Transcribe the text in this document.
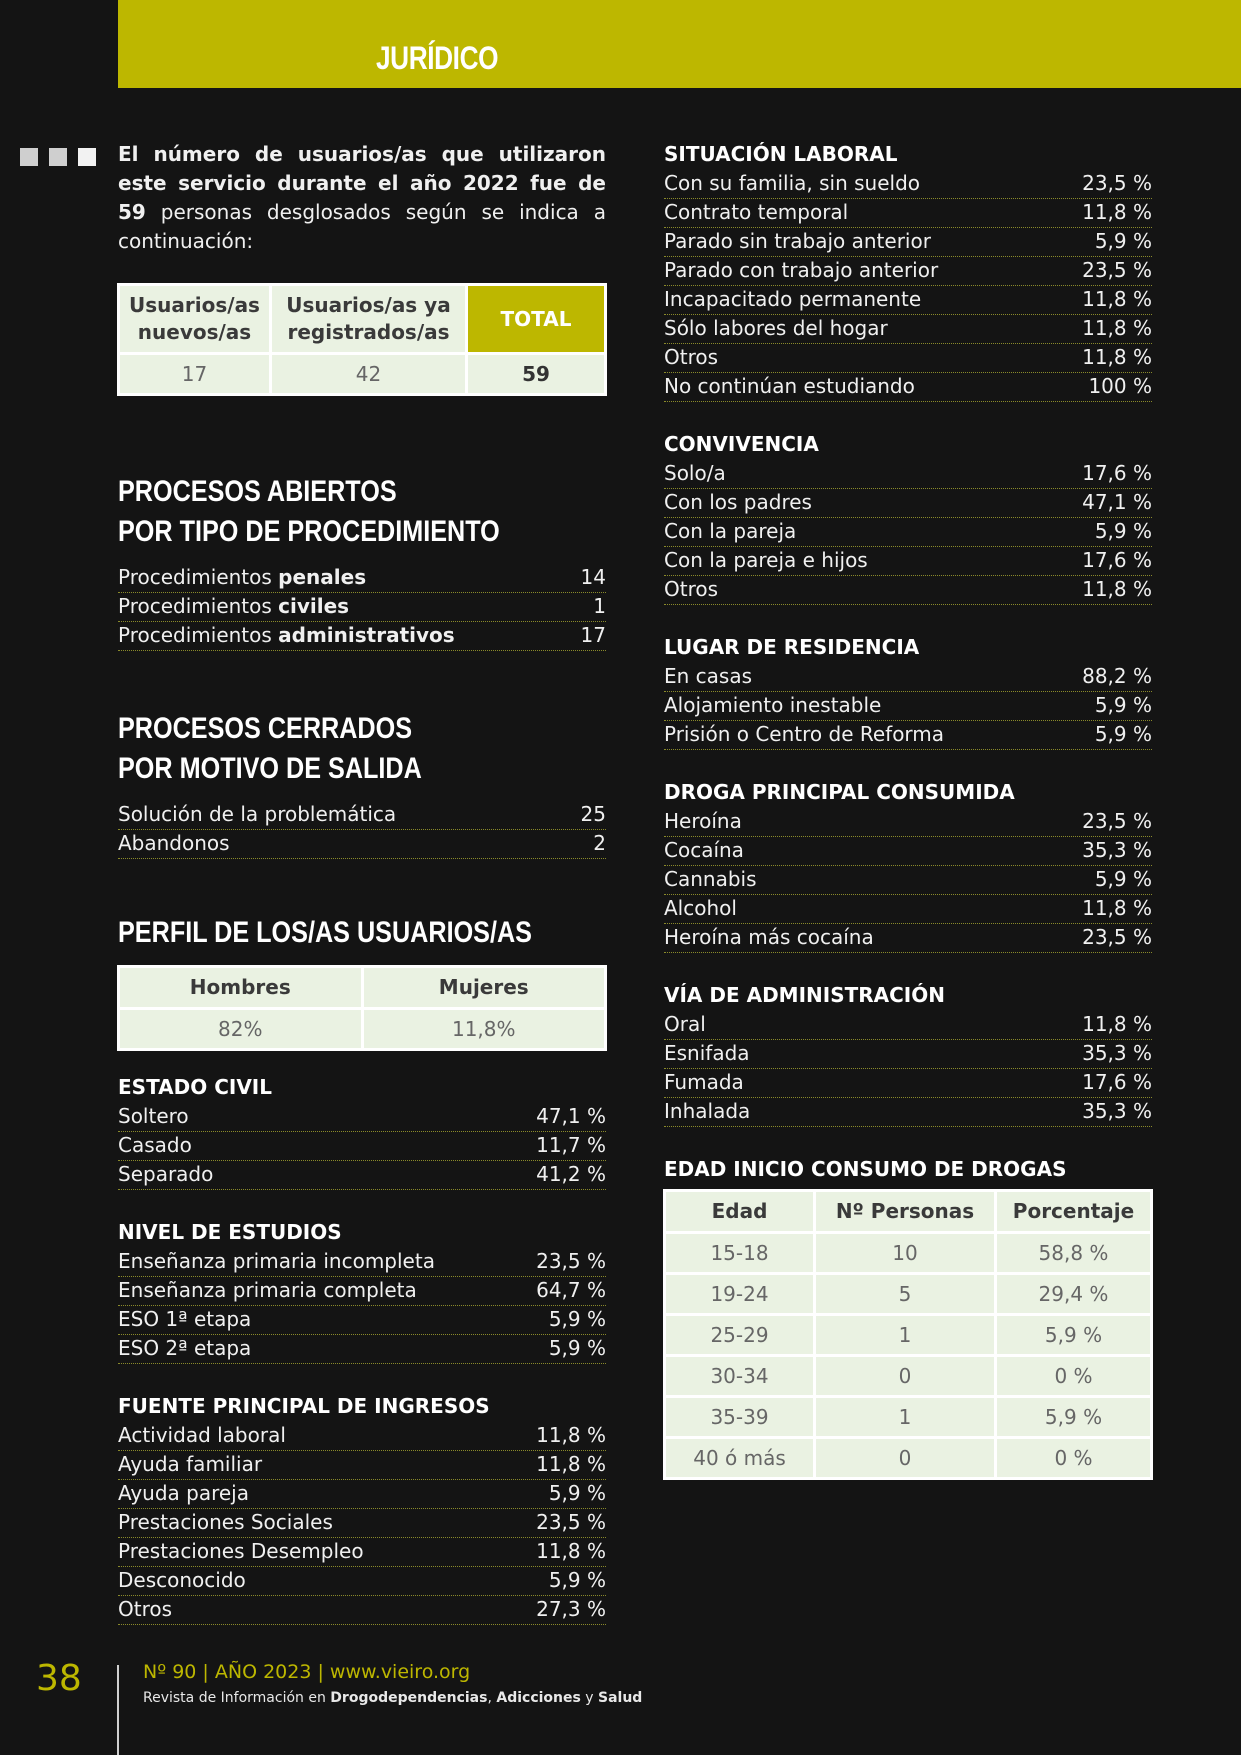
JURÍDICO

El número de usuarios/as que utilizaron este servicio durante el año 2022 fue de 59 personas desglosados según se indica a continuación:

Usuarios/as nuevos/as	Usuarios/as ya registrados/as	TOTAL
17	42	59
PROCESOS ABIERTOS
POR TIPO DE PROCEDIMIENTO
Procedimientos penales	14
Procedimientos civiles	1
Procedimientos administrativos	17
PROCESOS CERRADOS
POR MOTIVO DE SALIDA
Solución de la problemática	25
Abandonos	2
PERFIL DE LOS/AS USUARIOS/AS
Hombres	Mujeres
82%	11,8%
ESTADO CIVIL
Soltero	47,1 %
Casado	11,7 %
Separado	41,2 %
NIVEL DE ESTUDIOS
Enseñanza primaria incompleta	23,5 %
Enseñanza primaria completa	64,7 %
ESO 1ª etapa	5,9 %
ESO 2ª etapa	5,9 %
FUENTE PRINCIPAL DE INGRESOS
Actividad laboral	11,8 %
Ayuda familiar	11,8 %
Ayuda pareja	5,9 %
Prestaciones Sociales	23,5 %
Prestaciones Desempleo	11,8 %
Desconocido	5,9 %
Otros	27,3 %
SITUACIÓN LABORAL
Con su familia, sin sueldo	23,5 %
Contrato temporal	11,8 %
Parado sin trabajo anterior	5,9 %
Parado con trabajo anterior	23,5 %
Incapacitado permanente	11,8 %
Sólo labores del hogar	11,8 %
Otros	11,8 %
No continúan estudiando	100 %
CONVIVENCIA
Solo/a	17,6 %
Con los padres	47,1 %
Con la pareja	5,9 %
Con la pareja e hijos	17,6 %
Otros	11,8 %
LUGAR DE RESIDENCIA
En casas	88,2 %
Alojamiento inestable	5,9 %
Prisión o Centro de Reforma	5,9 %
DROGA PRINCIPAL CONSUMIDA
Heroína	23,5 %
Cocaína	35,3 %
Cannabis	5,9 %
Alcohol	11,8 %
Heroína más cocaína	23,5 %
VÍA DE ADMINISTRACIÓN
Oral	11,8 %
Esnifada	35,3 %
Fumada	17,6 %
Inhalada	35,3 %
EDAD INICIO CONSUMO DE DROGAS
Edad	Nº Personas	Porcentaje
15-18	10	58,8 %
19-24	5	29,4 %
25-29	1	5,9 %
30-34	0	0 %
35-39	1	5,9 %
40 ó más	0	0 %
38	Nº 90 | AÑO 2023 | www.vieiro.org
Revista de Información en Drogodependencias, Adicciones y Salud
